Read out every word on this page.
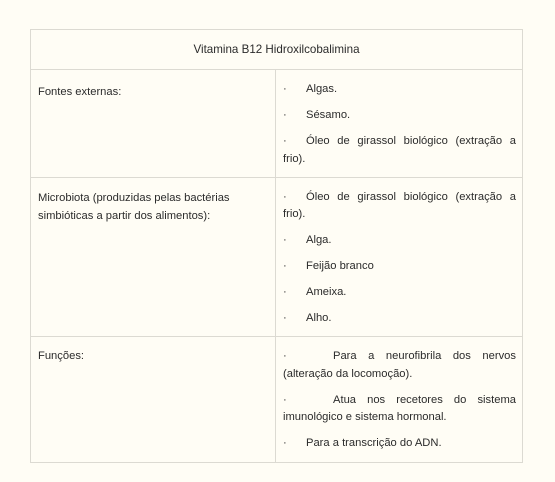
Vitamina B12 Hidroxilcobalimina	

Fontes externas:	· Algas.
· Sésamo.
· Óleo de girassol biológico (extração a frio).

Microbiota (produzidas pelas bactérias simbióticas a partir dos alimentos):	· Óleo de girassol biológico (extração a frio).
· Alga.
· Feijão branco
· Ameixa.
· Alho.

Funções:	· Para a neurofibrila dos nervos (alteração da locomoção).
· Atua nos recetores do sistema imunológico e sistema hormonal.
· Para a transcrição do ADN.
